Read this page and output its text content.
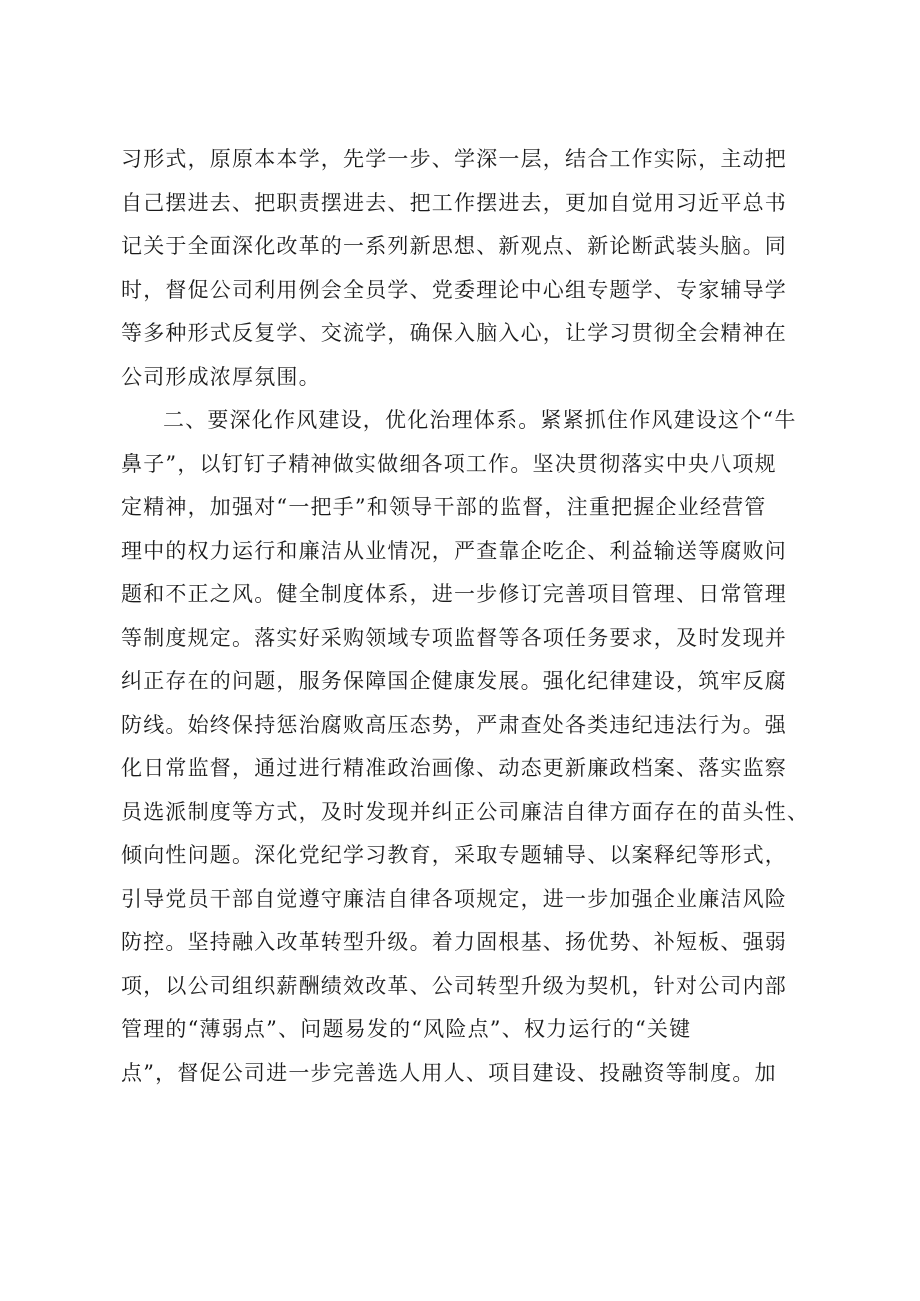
习形式，原原本本学，先学一步、学深一层，结合工作实际，主动把
自己摆进去、把职责摆进去、把工作摆进去，更加自觉用习近平总书
记关于全面深化改革的一系列新思想、新观点、新论断武装头脑。同
时，督促公司利用例会全员学、党委理论中心组专题学、专家辅导学
等多种形式反复学、交流学，确保入脑入心，让学习贯彻全会精神在
公司形成浓厚氛围。
二、要深化作风建设，优化治理体系。紧紧抓住作风建设这个“牛
鼻子”，以钉钉子精神做实做细各项工作。坚决贯彻落实中央八项规
定精神，加强对“一把手”和领导干部的监督，注重把握企业经营管
理中的权力运行和廉洁从业情况，严查靠企吃企、利益输送等腐败问
题和不正之风。健全制度体系，进一步修订完善项目管理、日常管理
等制度规定。落实好采购领域专项监督等各项任务要求，及时发现并
纠正存在的问题，服务保障国企健康发展。强化纪律建设，筑牢反腐
防线。始终保持惩治腐败高压态势，严肃查处各类违纪违法行为。强
化日常监督，通过进行精准政治画像、动态更新廉政档案、落实监察
员选派制度等方式，及时发现并纠正公司廉洁自律方面存在的苗头性、
倾向性问题。深化党纪学习教育，采取专题辅导、以案释纪等形式，
引导党员干部自觉遵守廉洁自律各项规定，进一步加强企业廉洁风险
防控。坚持融入改革转型升级。着力固根基、扬优势、补短板、强弱
项，以公司组织薪酬绩效改革、公司转型升级为契机，针对公司内部
管理的“薄弱点”、问题易发的“风险点”、权力运行的“关键
点”，督促公司进一步完善选人用人、项目建设、投融资等制度。加
